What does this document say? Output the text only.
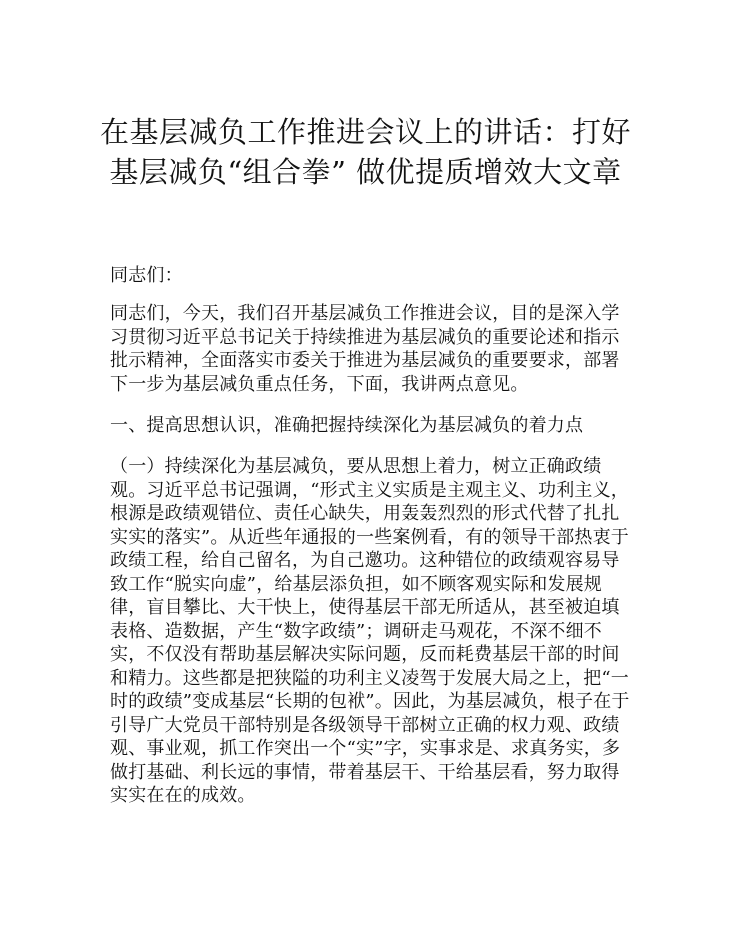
在基层减负工作推进会议上的讲话：打好
基层减负“组合拳” 做优提质增效大文章

同志们：

同志们，今天，我们召开基层减负工作推进会议，目的是深入学习贯彻习近平总书记关于持续推进为基层减负的重要论述和指示批示精神，全面落实市委关于推进为基层减负的重要要求，部署下一步为基层减负重点任务，下面，我讲两点意见。

一、提高思想认识，准确把握持续深化为基层减负的着力点

（一）持续深化为基层减负，要从思想上着力，树立正确政绩观。习近平总书记强调，“形式主义实质是主观主义、功利主义，根源是政绩观错位、责任心缺失，用轰轰烈烈的形式代替了扎扎实实的落实”。从近些年通报的一些案例看，有的领导干部热衷于政绩工程，给自己留名，为自己邀功。这种错位的政绩观容易导致工作“脱实向虚”，给基层添负担，如不顾客观实际和发展规律，盲目攀比、大干快上，使得基层干部无所适从，甚至被迫填表格、造数据，产生“数字政绩”；调研走马观花，不深不细不实，不仅没有帮助基层解决实际问题，反而耗费基层干部的时间和精力。这些都是把狭隘的功利主义凌驾于发展大局之上，把“一时的政绩”变成基层“长期的包袱”。因此，为基层减负，根子在于引导广大党员干部特别是各级领导干部树立正确的权力观、政绩观、事业观，抓工作突出一个“实”字，实事求是、求真务实，多做打基础、利长远的事情，带着基层干、干给基层看，努力取得实实在在的成效。
